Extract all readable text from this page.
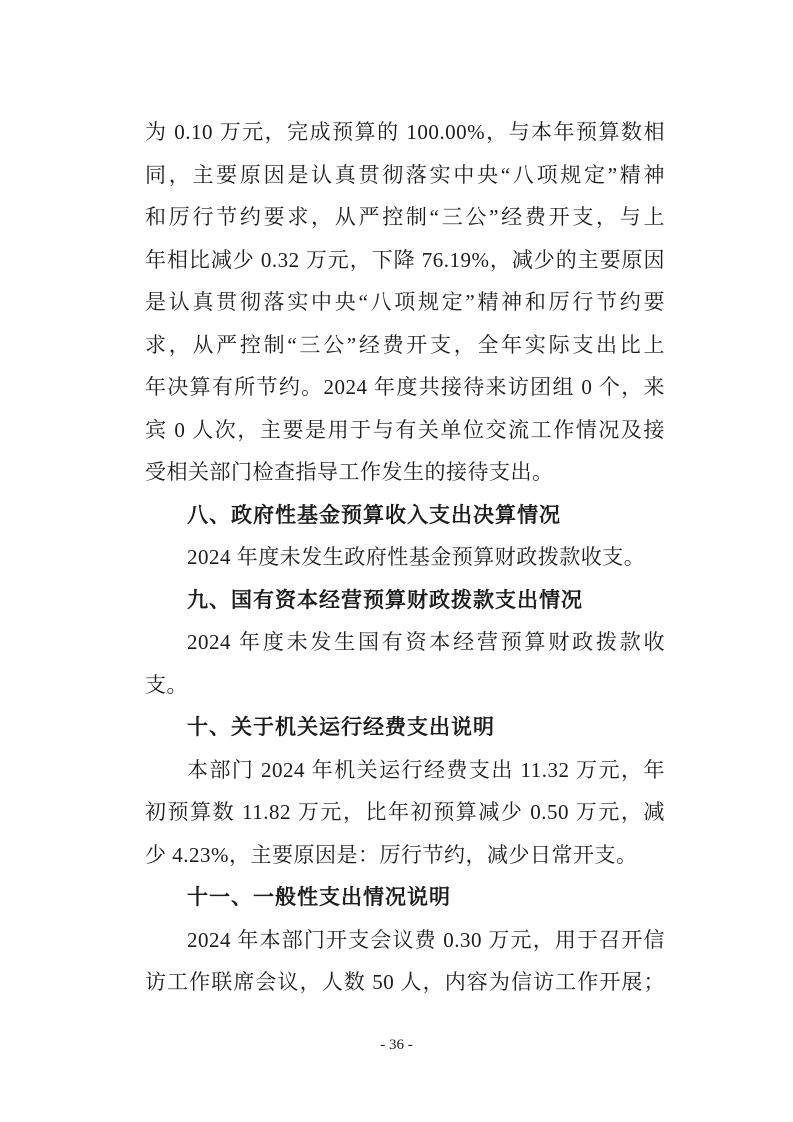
为 0.10 万元，完成预算的 100.00%，与本年预算数相
同，主要原因是认真贯彻落实中央“八项规定”精神
和厉行节约要求，从严控制“三公”经费开支，与上
年相比减少 0.32 万元，下降 76.19%，减少的主要原因
是认真贯彻落实中央“八项规定”精神和厉行节约要
求，从严控制“三公”经费开支，全年实际支出比上
年决算有所节约。2024 年度共接待来访团组 0 个，来
宾 0 人次，主要是用于与有关单位交流工作情况及接
受相关部门检查指导工作发生的接待支出。
八、政府性基金预算收入支出决算情况
2024 年度未发生政府性基金预算财政拨款收支。
九、国有资本经营预算财政拨款支出情况
2024 年度未发生国有资本经营预算财政拨款收
支。
十、关于机关运行经费支出说明
本部门 2024 年机关运行经费支出 11.32 万元，年
初预算数 11.82 万元，比年初预算减少 0.50 万元，减
少 4.23%，主要原因是：厉行节约，减少日常开支。
十一、一般性支出情况说明
2024 年本部门开支会议费 0.30 万元，用于召开信
访工作联席会议，人数 50 人，内容为信访工作开展；
- 36 -
